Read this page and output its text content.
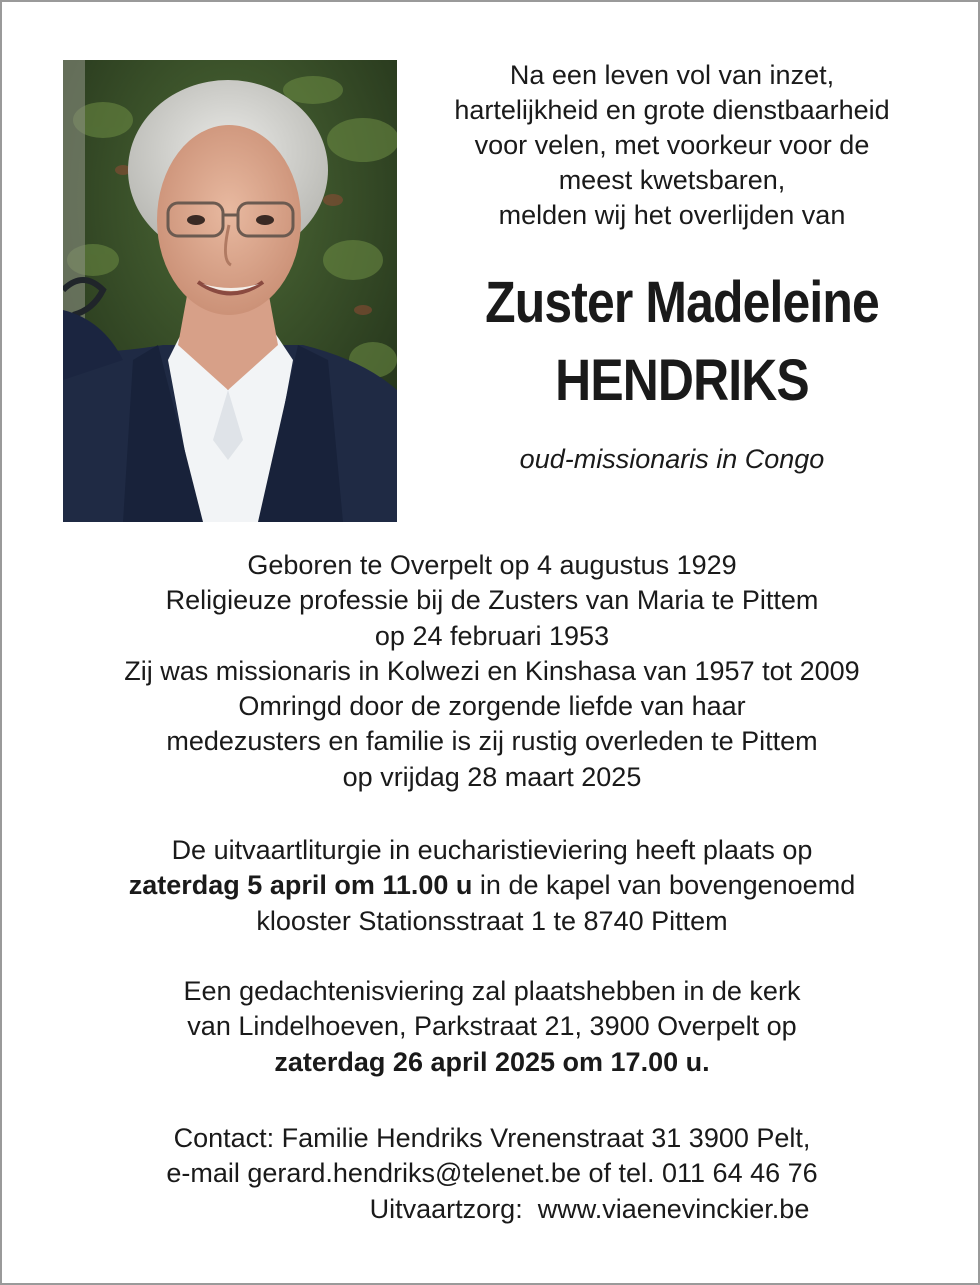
Na een leven vol van inzet,
hartelijkheid en grote dienstbaarheid
voor velen, met voorkeur voor de
meest kwetsbaren,
melden wij het overlijden van
Zuster Madeleine
HENDRIKS
oud-missionaris in Congo
Geboren te Overpelt op 4 augustus 1929
Religieuze professie bij de Zusters van Maria te Pittem
op 24 februari 1953
Zij was missionaris in Kolwezi en Kinshasa van 1957 tot 2009
Omringd door de zorgende liefde van haar
medezusters en familie is zij rustig overleden te Pittem
op vrijdag 28 maart 2025
De uitvaartliturgie in eucharistieviering heeft plaats op
zaterdag 5 april om 11.00 u in de kapel van bovengenoemd
klooster Stationsstraat 1 te 8740 Pittem
Een gedachtenisviering zal plaatshebben in de kerk
van Lindelhoeven, Parkstraat 21, 3900 Overpelt op
zaterdag 26 april 2025 om 17.00 u.
Contact: Familie Hendriks Vrenenstraat 31 3900 Pelt,
e-mail gerard.hendriks@telenet.be of tel. 011 64 46 76
Uitvaartzorg:  www.viaenevinckier.be
